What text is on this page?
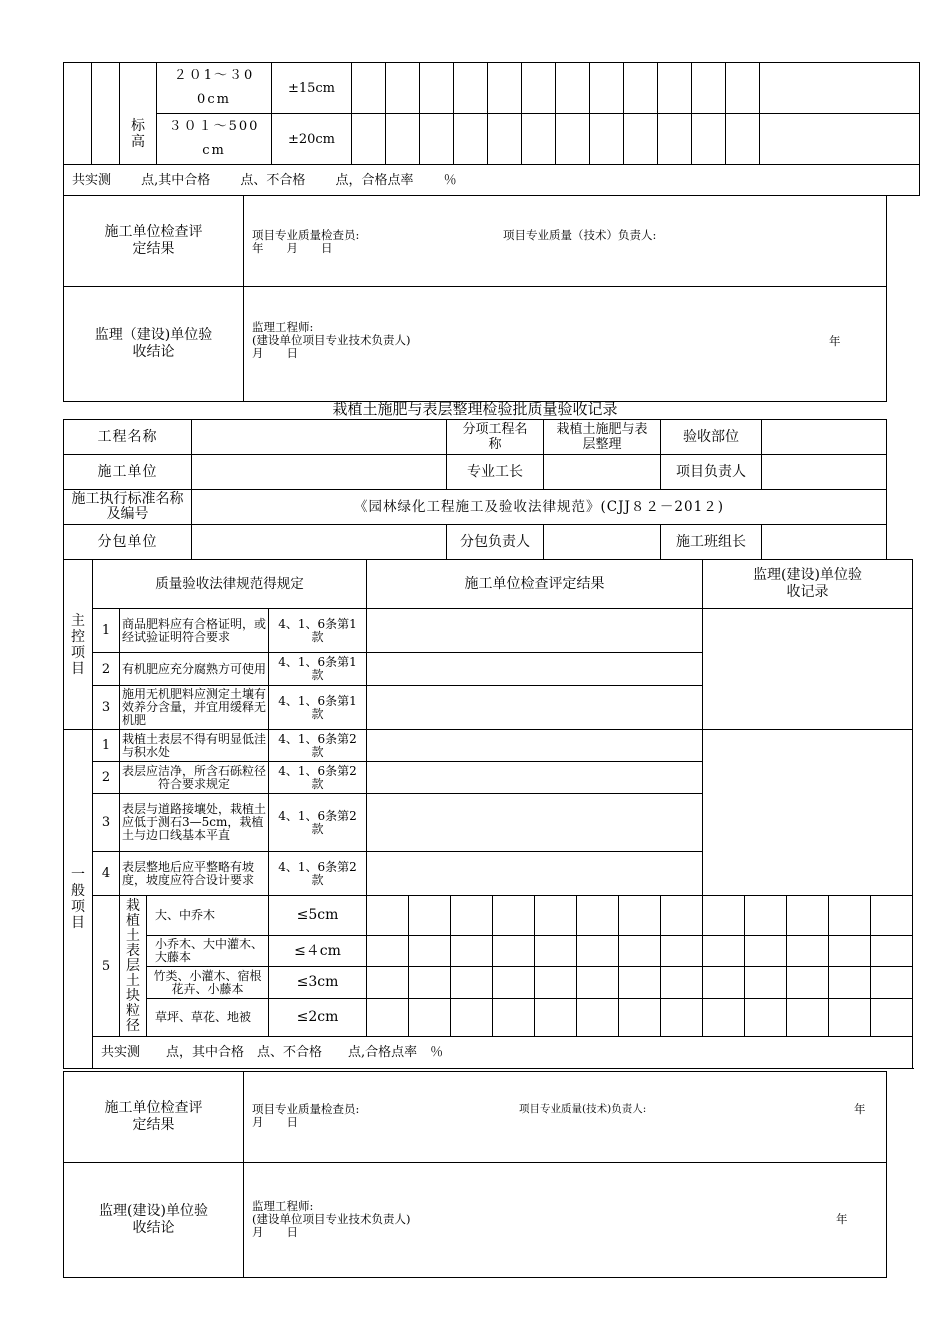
		标高	２０1～３00cm	±15cm													
			３０１～500cm	±20cm													
共实测　　 点,其中合格　　 点、不合格　　 点，合格点率　　 ％																	
施工单位检查评定结果	项目专业质量检查员: 项目专业质量（技术）负责人:
年　　月　　日

监理（建设)单位验收结论	监理工程师:
(建设单位项目专业技术负责人) 年

月　　日
栽植土施肥与表层整理检验批质量验收记录
工程名称		分项工程名称	栽植土施肥与表层整理	验收部位	
施工单位		专业工长		项目负责人	

施工执行标准名称及编号	《园林绿化工程施工及验收法律规范》(CJJ８２－201２)				
分包单位		分包负责人		施工班组长	
主控项目	质量验收法律规范得规定				施工单位检查评定结果								监理(建设)单位验收记录				

	1	商品肥料应有合格证明，或经试验证明符合要求		4、1、6条第1款													

	2	有机肥应充分腐熟方可使用		4、1、6条第1款													

	3	施用无机肥料应测定土壤有效养分含量，并宜用缓释无机肥		4、1、6条第1款													

一般项目	1	栽植土表层不得有明显低洼与积水处		4、1、6条第2款													

	2	表层应洁净，所含石砾粒径符合要求规定		4、1、6条第2款													

	3	表层与道路接壤处，栽植土应低于测石3—5cm，栽植土与边口线基本平直		4、1、6条第2款													

	4	表层整地后应平整略有坡度，坡度应符合设计要求		4、1、6条第2款													

	5	栽植土表层土块粒径	大、中乔木	≤5cm													
			小乔木、大中灌木、大藤本	≤４cm													
			竹类、小灌木、宿根花卉、小藤本	≤3cm													
			草坪、草花、地被	≤2cm													
	共实测　　点，其中合格　点、不合格　　点,合格点率　％																
施工单位检查评定结果	项目专业质量检查员: 项目专业质量(技术)负责人: 年

月　　日

监理(建设)单位验收结论	监理工程师:
(建设单位项目专业技术负责人) 年

月　　日
